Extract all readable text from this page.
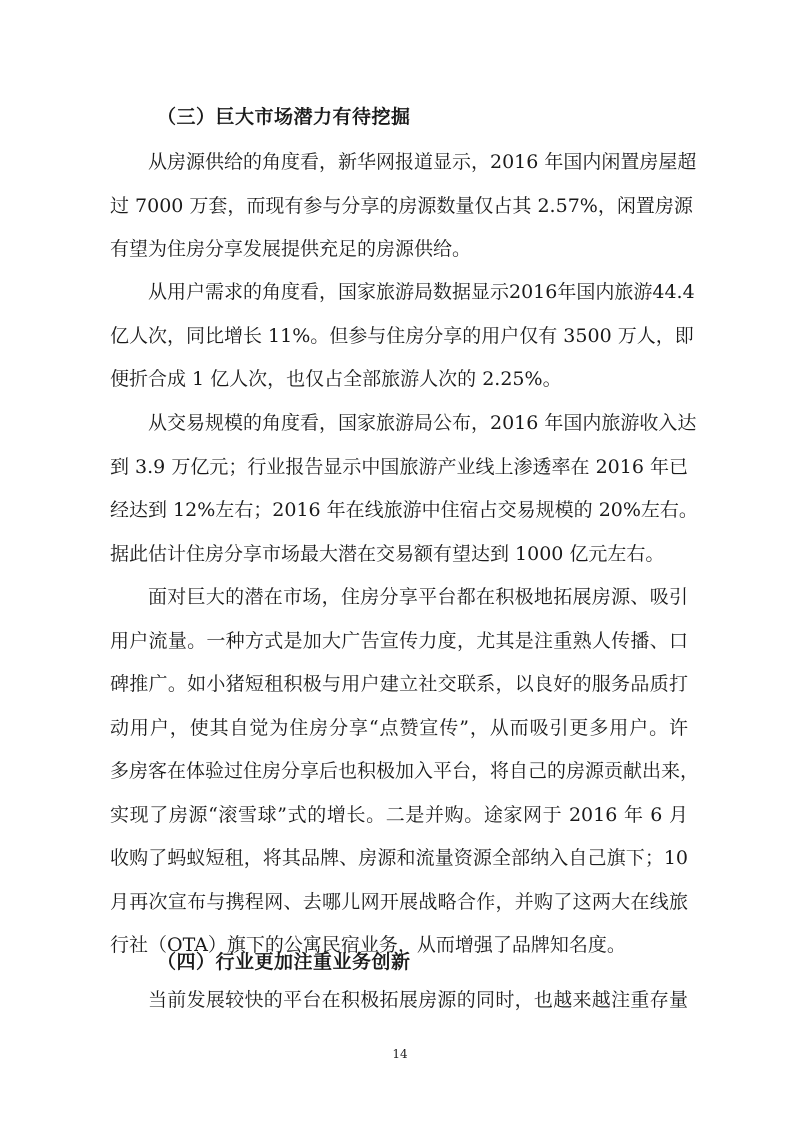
（三）巨大市场潜力有待挖掘
从房源供给的角度看，新华网报道显示，2016 年国内闲置房屋超
过 7000 万套，而现有参与分享的房源数量仅占其 2.57%，闲置房源
有望为住房分享发展提供充足的房源供给。
从用户需求的角度看，国家旅游局数据显示2016年国内旅游44.4
亿人次，同比增长 11%。但参与住房分享的用户仅有 3500 万人，即
便折合成 1 亿人次，也仅占全部旅游人次的 2.25%。
从交易规模的角度看，国家旅游局公布，2016 年国内旅游收入达
到 3.9 万亿元；行业报告显示中国旅游产业线上渗透率在 2016 年已
经达到 12%左右；2016 年在线旅游中住宿占交易规模的 20%左右。
据此估计住房分享市场最大潜在交易额有望达到 1000 亿元左右。
面对巨大的潜在市场，住房分享平台都在积极地拓展房源、吸引
用户流量。一种方式是加大广告宣传力度，尤其是注重熟人传播、口
碑推广。如小猪短租积极与用户建立社交联系，以良好的服务品质打
动用户，使其自觉为住房分享“点赞宣传”，从而吸引更多用户。许
多房客在体验过住房分享后也积极加入平台，将自己的房源贡献出来，
实现了房源“滚雪球”式的增长。二是并购。途家网于 2016 年 6 月
收购了蚂蚁短租，将其品牌、房源和流量资源全部纳入自己旗下；10
月再次宣布与携程网、去哪儿网开展战略合作，并购了这两大在线旅
行社（OTA）旗下的公寓民宿业务，从而增强了品牌知名度。
（四）行业更加注重业务创新
当前发展较快的平台在积极拓展房源的同时，也越来越注重存量
14
